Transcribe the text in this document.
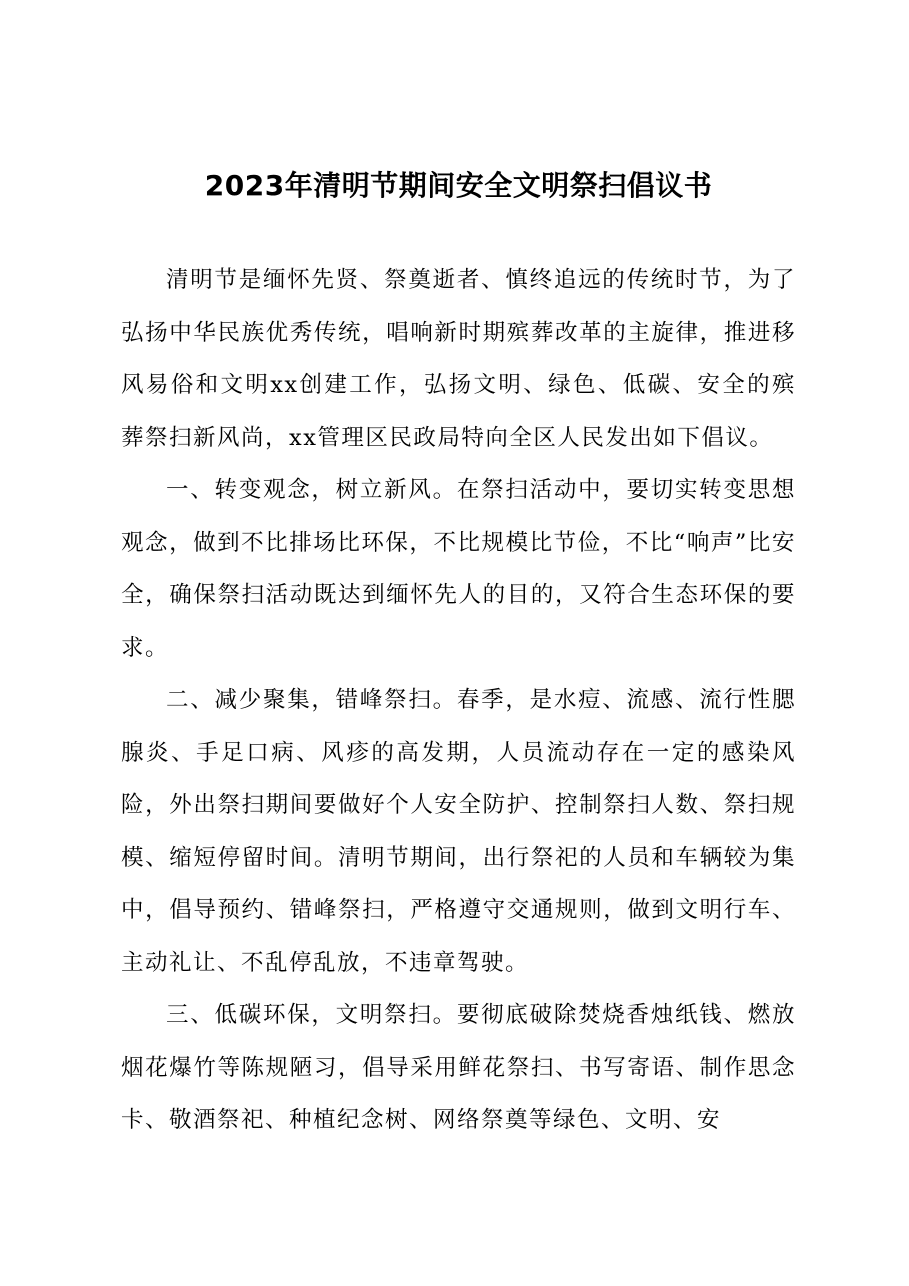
2023年清明节期间安全文明祭扫倡议书

清明节是缅怀先贤、祭奠逝者、慎终追远的传统时节，为了弘扬中华民族优秀传统，唱响新时期殡葬改革的主旋律，推进移风易俗和文明xx创建工作，弘扬文明、绿色、低碳、安全的殡葬祭扫新风尚，xx管理区民政局特向全区人民发出如下倡议。

一、转变观念，树立新风。在祭扫活动中，要切实转变思想观念，做到不比排场比环保，不比规模比节俭，不比“响声”比安全，确保祭扫活动既达到缅怀先人的目的，又符合生态环保的要求。

二、减少聚集，错峰祭扫。春季，是水痘、流感、流行性腮腺炎、手足口病、风疹的高发期，人员流动存在一定的感染风险，外出祭扫期间要做好个人安全防护、控制祭扫人数、祭扫规模、缩短停留时间。清明节期间，出行祭祀的人员和车辆较为集中，倡导预约、错峰祭扫，严格遵守交通规则，做到文明行车、主动礼让、不乱停乱放，不违章驾驶。

三、低碳环保，文明祭扫。要彻底破除焚烧香烛纸钱、燃放烟花爆竹等陈规陋习，倡导采用鲜花祭扫、书写寄语、制作思念卡、敬酒祭祀、种植纪念树、网络祭奠等绿色、文明、安
